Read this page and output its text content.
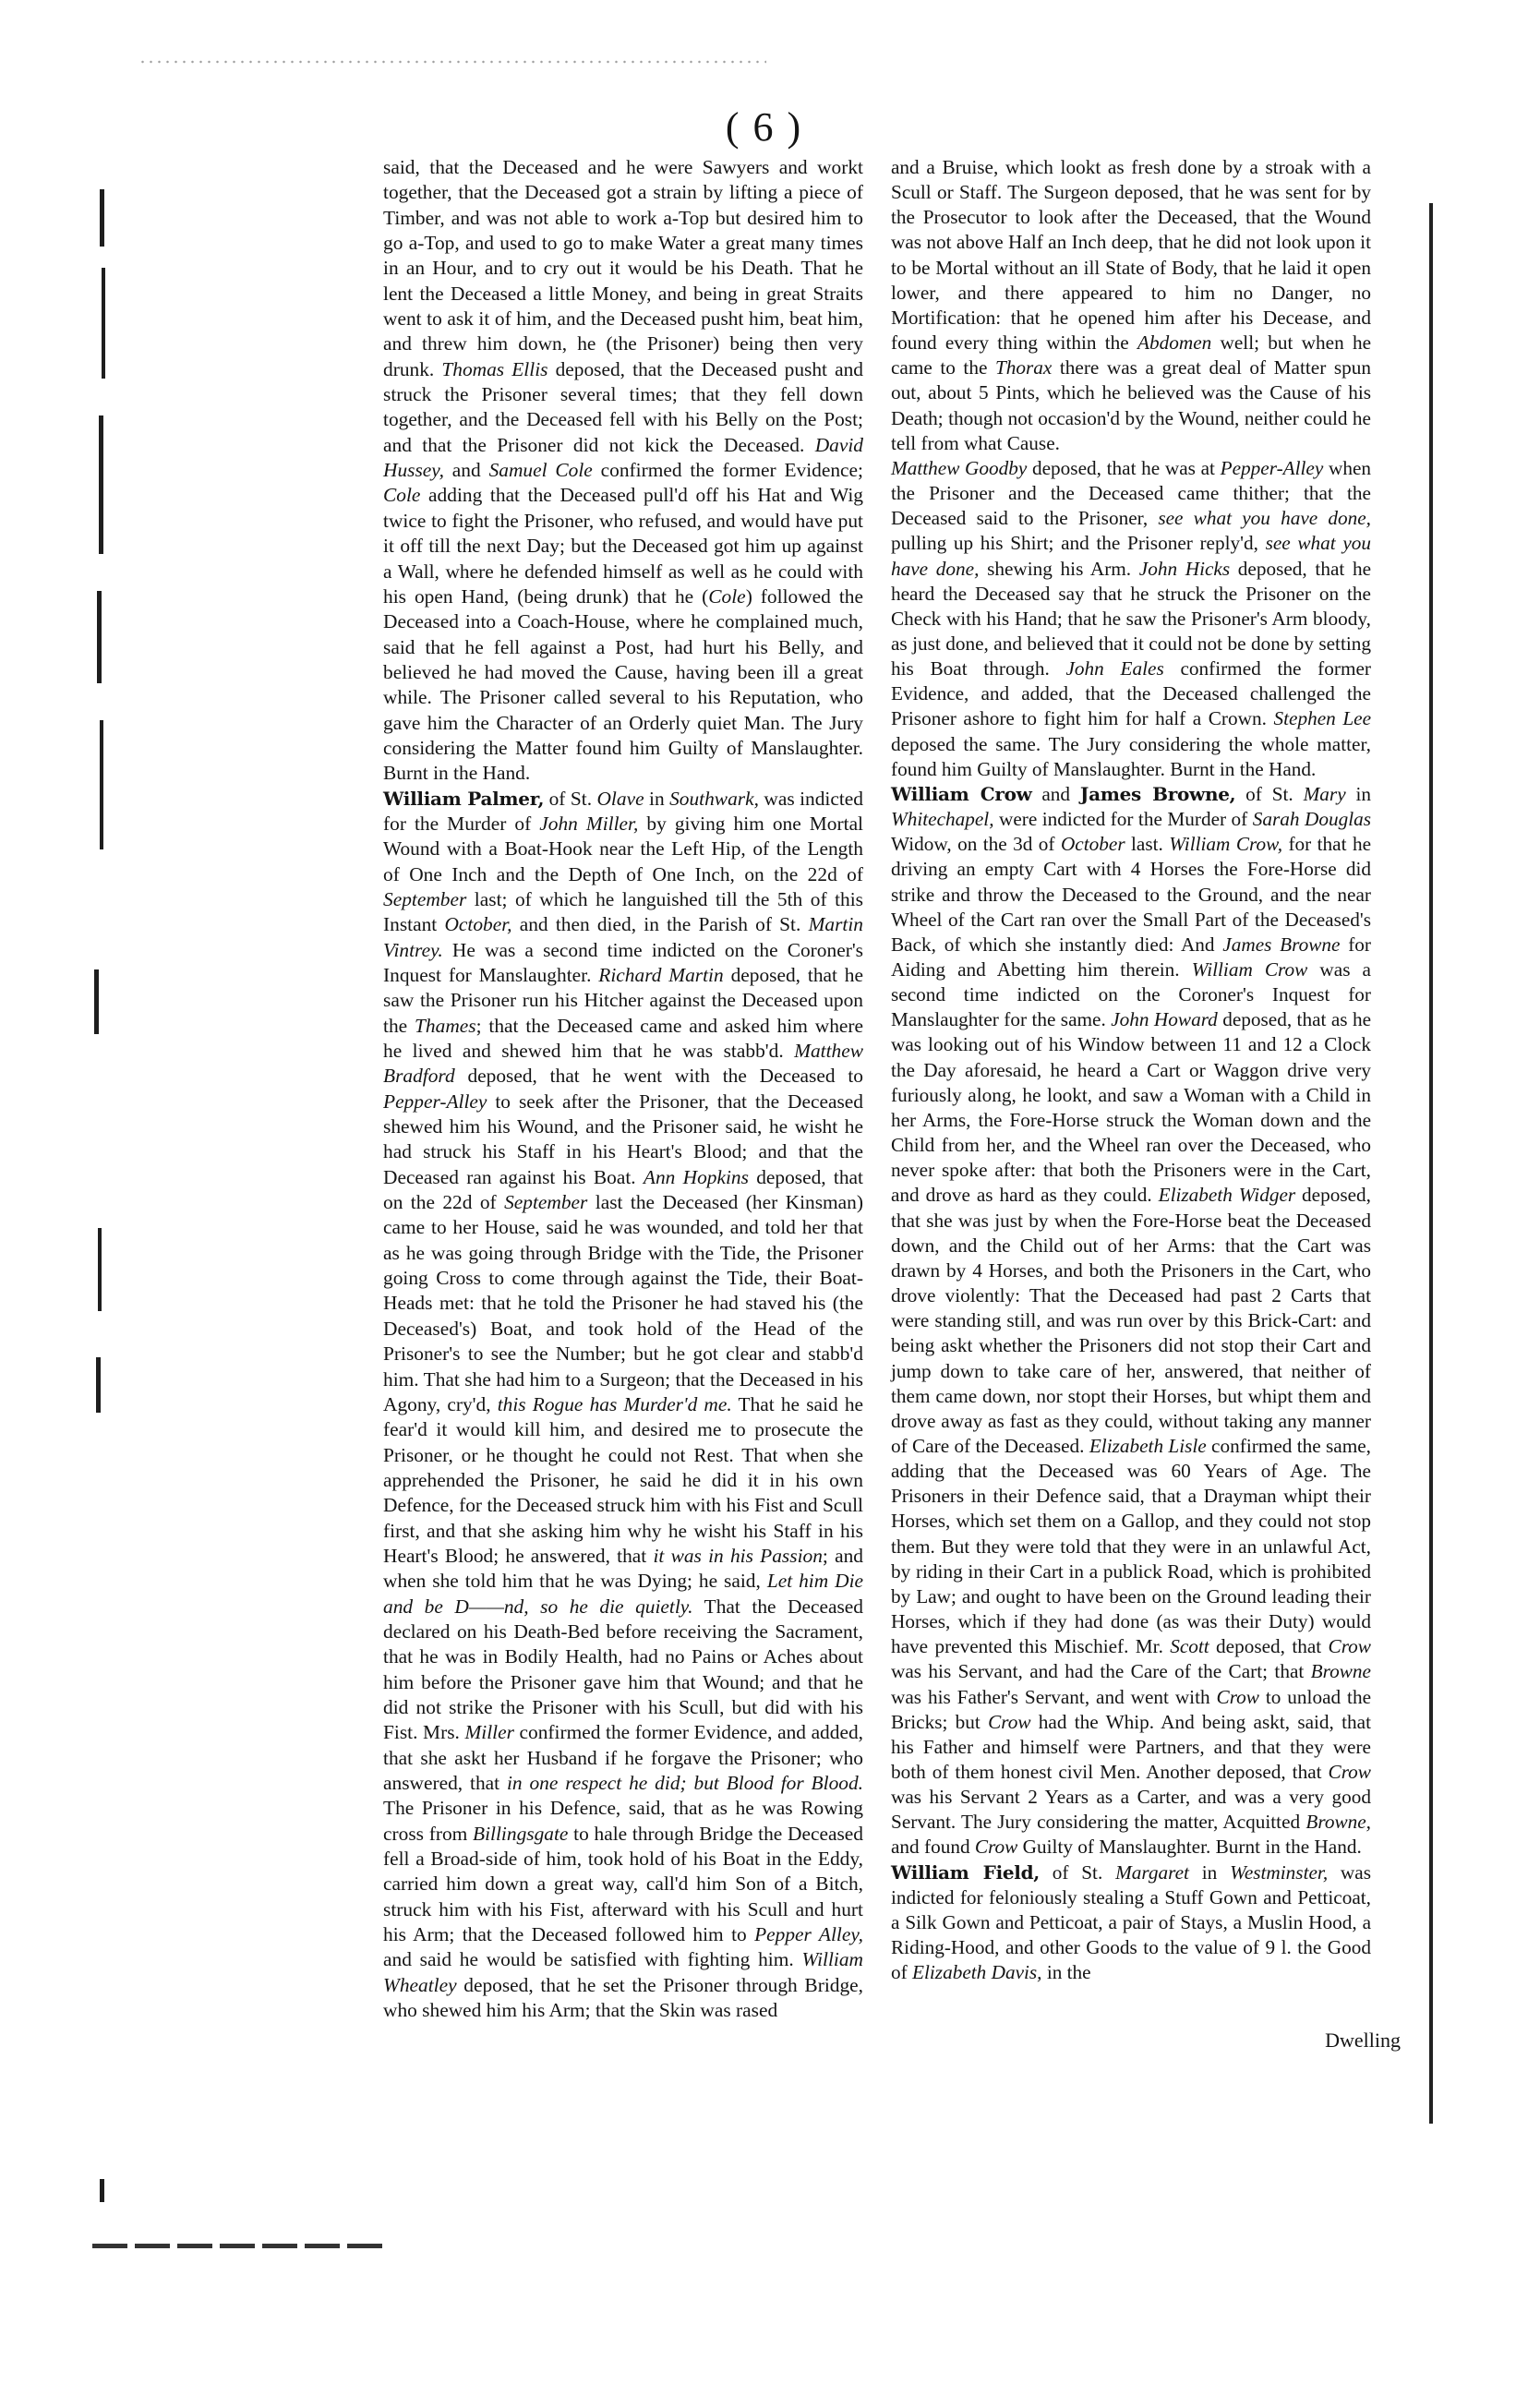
( 6 )

said, that the Deceased and he were Sawyers and workt together, that the Deceased got a strain by lifting a piece of Timber, and was not able to work a-Top but desired him to go a-Top, and used to go to make Water a great many times in an Hour, and to cry out it would be his Death. That he lent the Deceased a little Money, and being in great Straits went to ask it of him, and the Deceased pusht him, beat him, and threw him down, he (the Prisoner) being then very drunk. Thomas Ellis deposed, that the Deceased pusht and struck the Prisoner several times; that they fell down together, and the Deceased fell with his Belly on the Post; and that the Prisoner did not kick the Deceased. David Hussey, and Samuel Cole confirmed the former Evidence; Cole adding that the Deceased pull'd off his Hat and Wig twice to fight the Prisoner, who refused, and would have put it off till the next Day; but the Deceased got him up against a Wall, where he defended himself as well as he could with his open Hand, (being drunk) that he (Cole) followed the Deceased into a Coach-House, where he complained much, said that he fell against a Post, had hurt his Belly, and believed he had moved the Cause, having been ill a great while. The Prisoner called several to his Reputation, who gave him the Character of an Orderly quiet Man. The Jury considering the Matter found him Guilty of Manslaughter. Burnt in the Hand.

William Palmer, of St. Olave in Southwark, was indicted for the Murder of John Miller, by giving him one Mortal Wound with a Boat-Hook near the Left Hip, of the Length of One Inch and the Depth of One Inch, on the 22d of September last; of which he languished till the 5th of this Instant October, and then died, in the Parish of St. Martin Vintrey. He was a second time indicted on the Coroner's Inquest for Manslaughter. Richard Martin deposed, that he saw the Prisoner run his Hitcher against the Deceased upon the Thames; that the Deceased came and asked him where he lived and shewed him that he was stabb'd. Matthew Bradford deposed, that he went with the Deceased to Pepper-Alley to seek after the Prisoner, that the Deceased shewed him his Wound, and the Prisoner said, he wisht he had struck his Staff in his Heart's Blood; and that the Deceased ran against his Boat. Ann Hopkins deposed, that on the 22d of September last the Deceased (her Kinsman) came to her House, said he was wounded, and told her that as he was going through Bridge with the Tide, the Prisoner going Cross to come through against the Tide, their Boat-Heads met: that he told the Prisoner he had staved his (the Deceased's) Boat, and took hold of the Head of the Prisoner's to see the Number; but he got clear and stabb'd him. That she had him to a Surgeon; that the Deceased in his Agony, cry'd, this Rogue has Murder'd me. That he said he fear'd it would kill him, and desired me to prosecute the Prisoner, or he thought he could not Rest. That when she apprehended the Prisoner, he said he did it in his own Defence, for the Deceased struck him with his Fist and Scull first, and that she asking him why he wisht his Staff in his Heart's Blood; he answered, that it was in his Passion; and when she told him that he was Dying; he said, Let him Die and be D——nd, so he die quietly. That the Deceased declared on his Death-Bed before receiving the Sacrament, that he was in Bodily Health, had no Pains or Aches about him before the Prisoner gave him that Wound; and that he did not strike the Prisoner with his Scull, but did with his Fist. Mrs. Miller confirmed the former Evidence, and added, that she askt her Husband if he forgave the Prisoner; who answered, that in one respect he did; but Blood for Blood. The Prisoner in his Defence, said, that as he was Rowing cross from Billingsgate to hale through Bridge the Deceased fell a Broad-side of him, took hold of his Boat in the Eddy, carried him down a great way, call'd him Son of a Bitch, struck him with his Fist, afterward with his Scull and hurt his Arm; that the Deceased followed him to Pepper Alley, and said he would be satisfied with fighting him. William Wheatley deposed, that he set the Prisoner through Bridge, who shewed him his Arm; that the Skin was rased

and a Bruise, which lookt as fresh done by a stroak with a Scull or Staff. The Surgeon deposed, that he was sent for by the Prosecutor to look after the Deceased, that the Wound was not above Half an Inch deep, that he did not look upon it to be Mortal without an ill State of Body, that he laid it open lower, and there appeared to him no Danger, no Mortification: that he opened him after his Decease, and found every thing within the Abdomen well; but when he came to the Thorax there was a great deal of Matter spun out, about 5 Pints, which he believed was the Cause of his Death; though not occasion'd by the Wound, neither could he tell from what Cause.

Matthew Goodby deposed, that he was at Pepper-Alley when the Prisoner and the Deceased came thither; that the Deceased said to the Prisoner, see what you have done, pulling up his Shirt; and the Prisoner reply'd, see what you have done, shewing his Arm. John Hicks deposed, that he heard the Deceased say that he struck the Prisoner on the Check with his Hand; that he saw the Prisoner's Arm bloody, as just done, and believed that it could not be done by setting his Boat through. John Eales confirmed the former Evidence, and added, that the Deceased challenged the Prisoner ashore to fight him for half a Crown. Stephen Lee deposed the same. The Jury considering the whole matter, found him Guilty of Manslaughter. Burnt in the Hand.

William Crow and James Browne, of St. Mary in Whitechapel, were indicted for the Murder of Sarah Douglas Widow, on the 3d of October last. William Crow, for that he driving an empty Cart with 4 Horses the Fore-Horse did strike and throw the Deceased to the Ground, and the near Wheel of the Cart ran over the Small Part of the Deceased's Back, of which she instantly died: And James Browne for Aiding and Abetting him therein. William Crow was a second time indicted on the Coroner's Inquest for Manslaughter for the same. John Howard deposed, that as he was looking out of his Window between 11 and 12 a Clock the Day aforesaid, he heard a Cart or Waggon drive very furiously along, he lookt, and saw a Woman with a Child in her Arms, the Fore-Horse struck the Woman down and the Child from her, and the Wheel ran over the Deceased, who never spoke after: that both the Prisoners were in the Cart, and drove as hard as they could. Elizabeth Widger deposed, that she was just by when the Fore-Horse beat the Deceased down, and the Child out of her Arms: that the Cart was drawn by 4 Horses, and both the Prisoners in the Cart, who drove violently: That the Deceased had past 2 Carts that were standing still, and was run over by this Brick-Cart: and being askt whether the Prisoners did not stop their Cart and jump down to take care of her, answered, that neither of them came down, nor stopt their Horses, but whipt them and drove away as fast as they could, without taking any manner of Care of the Deceased. Elizabeth Lisle confirmed the same, adding that the Deceased was 60 Years of Age. The Prisoners in their Defence said, that a Drayman whipt their Horses, which set them on a Gallop, and they could not stop them. But they were told that they were in an unlawful Act, by riding in their Cart in a publick Road, which is prohibited by Law; and ought to have been on the Ground leading their Horses, which if they had done (as was their Duty) would have prevented this Mischief. Mr. Scott deposed, that Crow was his Servant, and had the Care of the Cart; that Browne was his Father's Servant, and went with Crow to unload the Bricks; but Crow had the Whip. And being askt, said, that his Father and himself were Partners, and that they were both of them honest civil Men. Another deposed, that Crow was his Servant 2 Years as a Carter, and was a very good Servant. The Jury considering the matter, Acquitted Browne, and found Crow Guilty of Manslaughter. Burnt in the Hand.

William Field, of St. Margaret in Westminster, was indicted for feloniously stealing a Stuff Gown and Petticoat, a Silk Gown and Petticoat, a pair of Stays, a Muslin Hood, a Riding-Hood, and other Goods to the value of 9 l. the Good of Elizabeth Davis, in the

Dwelling
